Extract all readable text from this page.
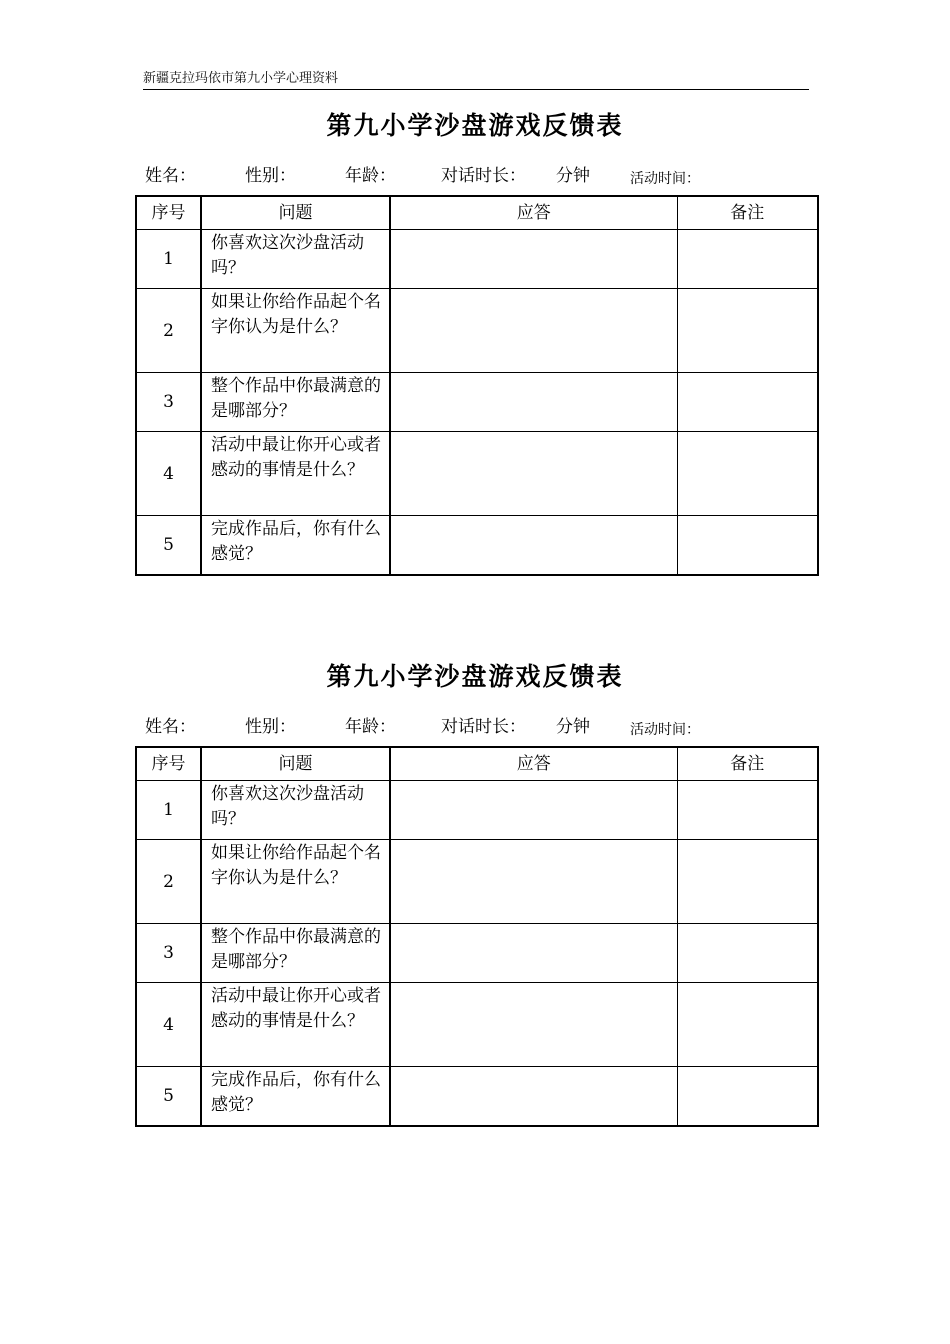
新疆克拉玛依市第九小学心理资料
第九小学沙盘游戏反馈表
姓名：	性别：	年龄：	对话时长： 分钟	活动时间：
序号	问题	应答	备注
1	你喜欢这次沙盘活动吗？		
2	如果让你给作品起个名字你认为是什么？		
3	整个作品中你最满意的是哪部分？		
4	活动中最让你开心或者感动的事情是什么？		
5	完成作品后，你有什么感觉？		
第九小学沙盘游戏反馈表
姓名：	性别：	年龄：	对话时长： 分钟	活动时间：
序号	问题	应答	备注
1	你喜欢这次沙盘活动吗？		
2	如果让你给作品起个名字你认为是什么？		
3	整个作品中你最满意的是哪部分？		
4	活动中最让你开心或者感动的事情是什么？		
5	完成作品后，你有什么感觉？		
